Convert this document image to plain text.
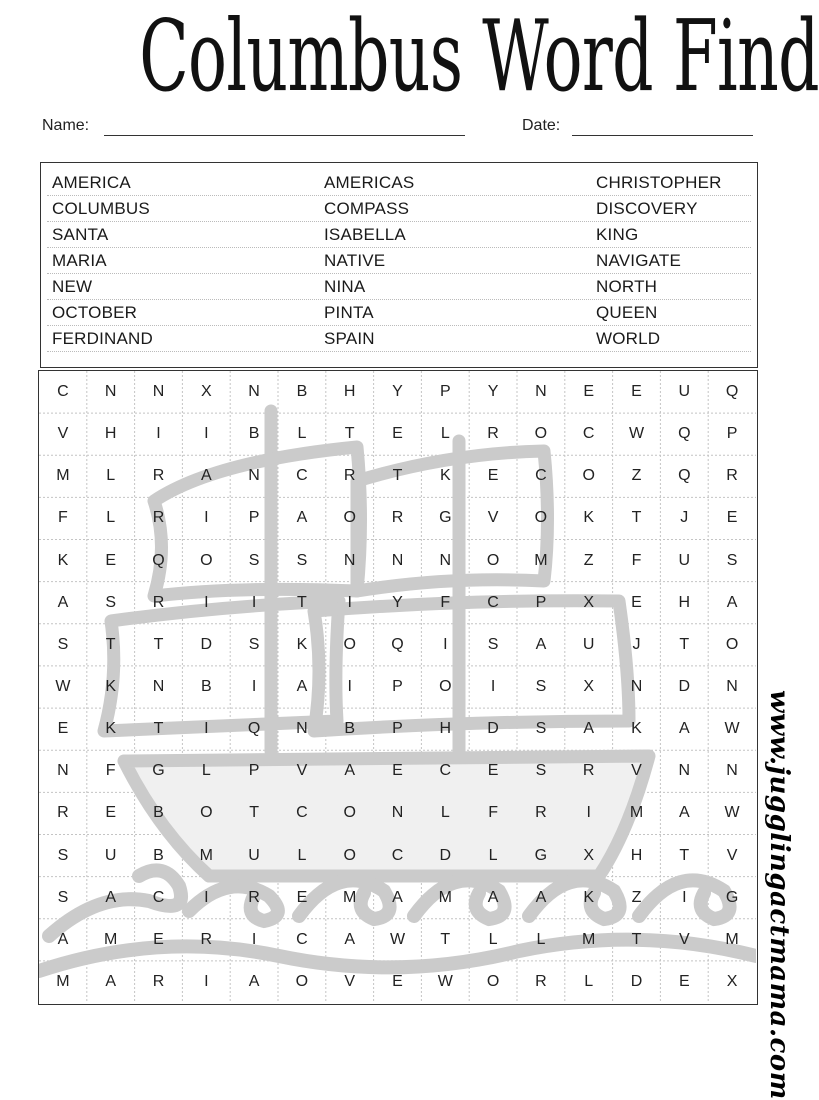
Columbus Word Find
Name:	Date:
AMERICA	AMERICAS	CHRISTOPHER
COLUMBUS	COMPASS	DISCOVERY
SANTA	ISABELLA	KING
MARIA	NATIVE	NAVIGATE
NEW	NINA	NORTH
OCTOBER	PINTA	QUEEN
FERDINAND	SPAIN	WORLD
C	N	N	X	N	B	H	Y	P	Y	N	E	E	U	Q
V	H	I	I	B	L	T	E	L	R	O	C	W	Q	P
M	L	R	A	N	C	R	T	K	E	C	O	Z	Q	R
F	L	R	I	P	A	O	R	G	V	O	K	T	J	E
K	E	Q	O	S	S	N	N	N	O	M	Z	F	U	S
A	S	R	I	I	T	I	Y	F	C	P	X	E	H	A
S	T	T	D	S	K	O	Q	I	S	A	U	J	T	O
W	K	N	B	I	A	I	P	O	I	S	X	N	D	N
E	K	T	I	Q	N	B	P	H	D	S	A	K	A	W
N	F	G	L	P	V	A	E	C	E	S	R	V	N	N
R	E	B	O	T	C	O	N	L	F	R	I	M	A	W
S	U	B	M	U	L	O	C	D	L	G	X	H	T	V
S	A	C	I	R	E	M	A	M	A	A	K	Z	I	G
A	M	E	R	I	C	A	W	T	L	L	M	T	V	M
M	A	R	I	A	O	V	E	W	O	R	L	D	E	X	www.jugglingactmama.com
